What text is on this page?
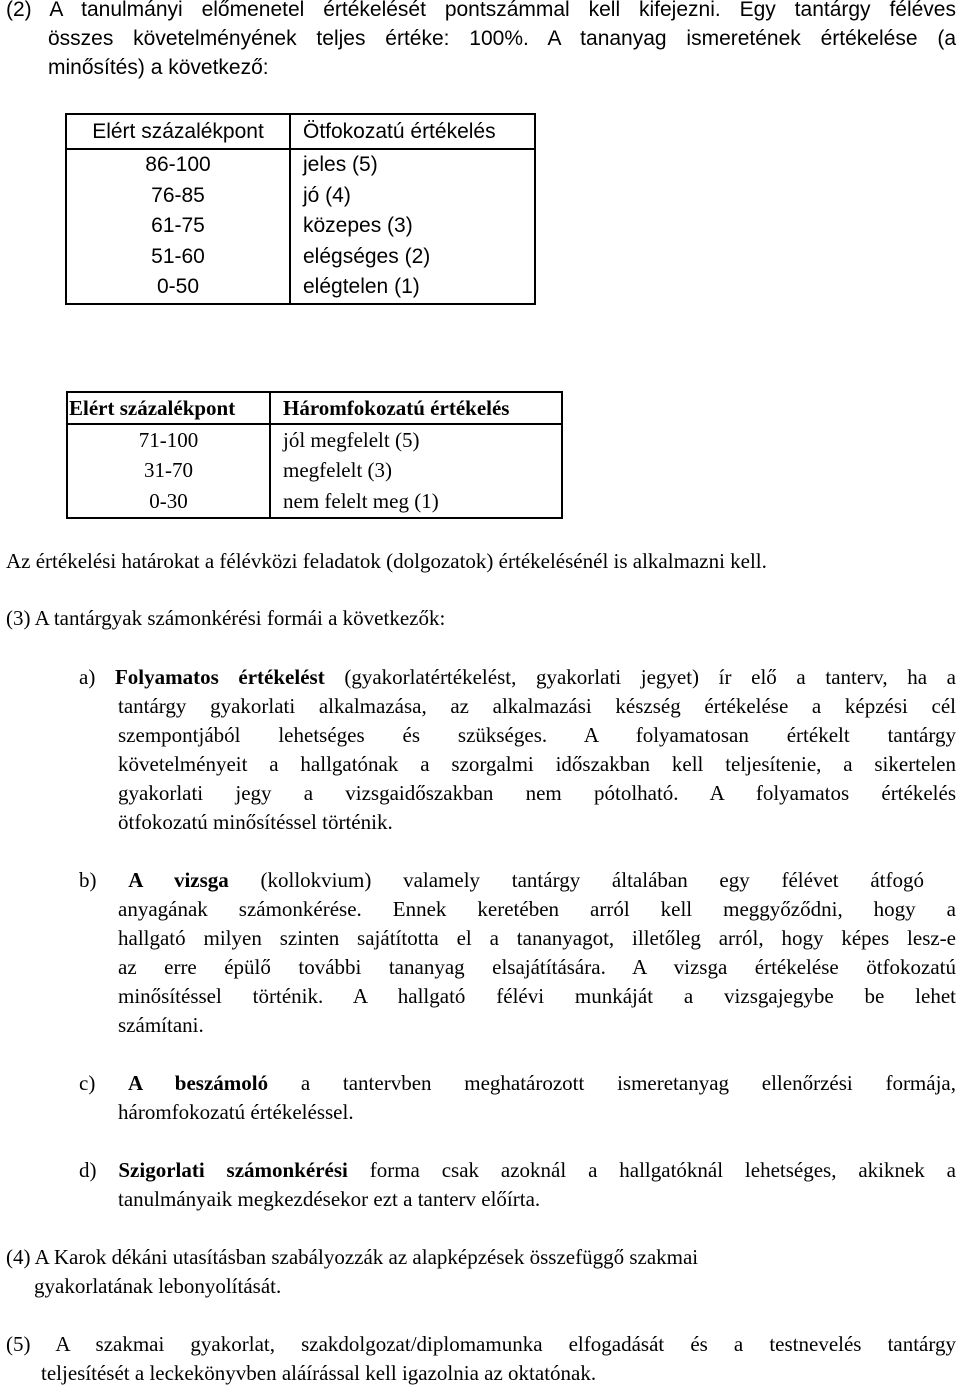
(2) A tanulmányi előmenetel értékelését pontszámmal kell kifejezni. Egy tantárgy féléves
összes követelményének teljes értéke: 100%. A tananyag ismeretének értékelése (a
minősítés) a következő:
Elért százalékpont	Ötfokozatú értékelés
86-100	jeles (5)
76-85	jó (4)
61-75	közepes (3)
51-60	elégséges (2)
0-50	elégtelen (1)
Elért százalékpont	Háromfokozatú értékelés
71-100	jól megfelelt (5)
31-70	megfelelt (3)
0-30	nem felelt meg (1)
Az értékelési határokat a félévközi feladatok (dolgozatok) értékelésénél is alkalmazni kell.
(3) A tantárgyak számonkérési formái a következők:
a) Folyamatos értékelést (gyakorlatértékelést, gyakorlati jegyet) ír elő a tanterv, ha a
tantárgy gyakorlati alkalmazása, az alkalmazási készség értékelése a képzési cél
szempontjából lehetséges és szükséges. A folyamatosan értékelt tantárgy
követelményeit a hallgatónak a szorgalmi időszakban kell teljesítenie, a sikertelen
gyakorlati jegy a vizsgaidőszakban nem pótolható. A folyamatos értékelés
ötfokozatú minősítéssel történik.
b) A vizsga (kollokvium) valamely tantárgy általában egy félévet átfogó
anyagának számonkérése. Ennek keretében arról kell meggyőződni, hogy a
hallgató milyen szinten sajátította el a tananyagot, illetőleg arról, hogy képes lesz-e
az erre épülő további tananyag elsajátítására. A vizsga értékelése ötfokozatú
minősítéssel történik. A hallgató félévi munkáját a vizsgajegybe be lehet
számítani.
c) A beszámoló a tantervben meghatározott ismeretanyag ellenőrzési formája,
háromfokozatú értékeléssel.
d) Szigorlati számonkérési forma csak azoknál a hallgatóknál lehetséges, akiknek a
tanulmányaik megkezdésekor ezt a tanterv előírta.
(4) A Karok dékáni utasításban szabályozzák az alapképzések összefüggő szakmai
gyakorlatának lebonyolítását.
(5) A szakmai gyakorlat, szakdolgozat/diplomamunka elfogadását és a testnevelés tantárgy
teljesítését a leckekönyvben aláírással kell igazolnia az oktatónak.
